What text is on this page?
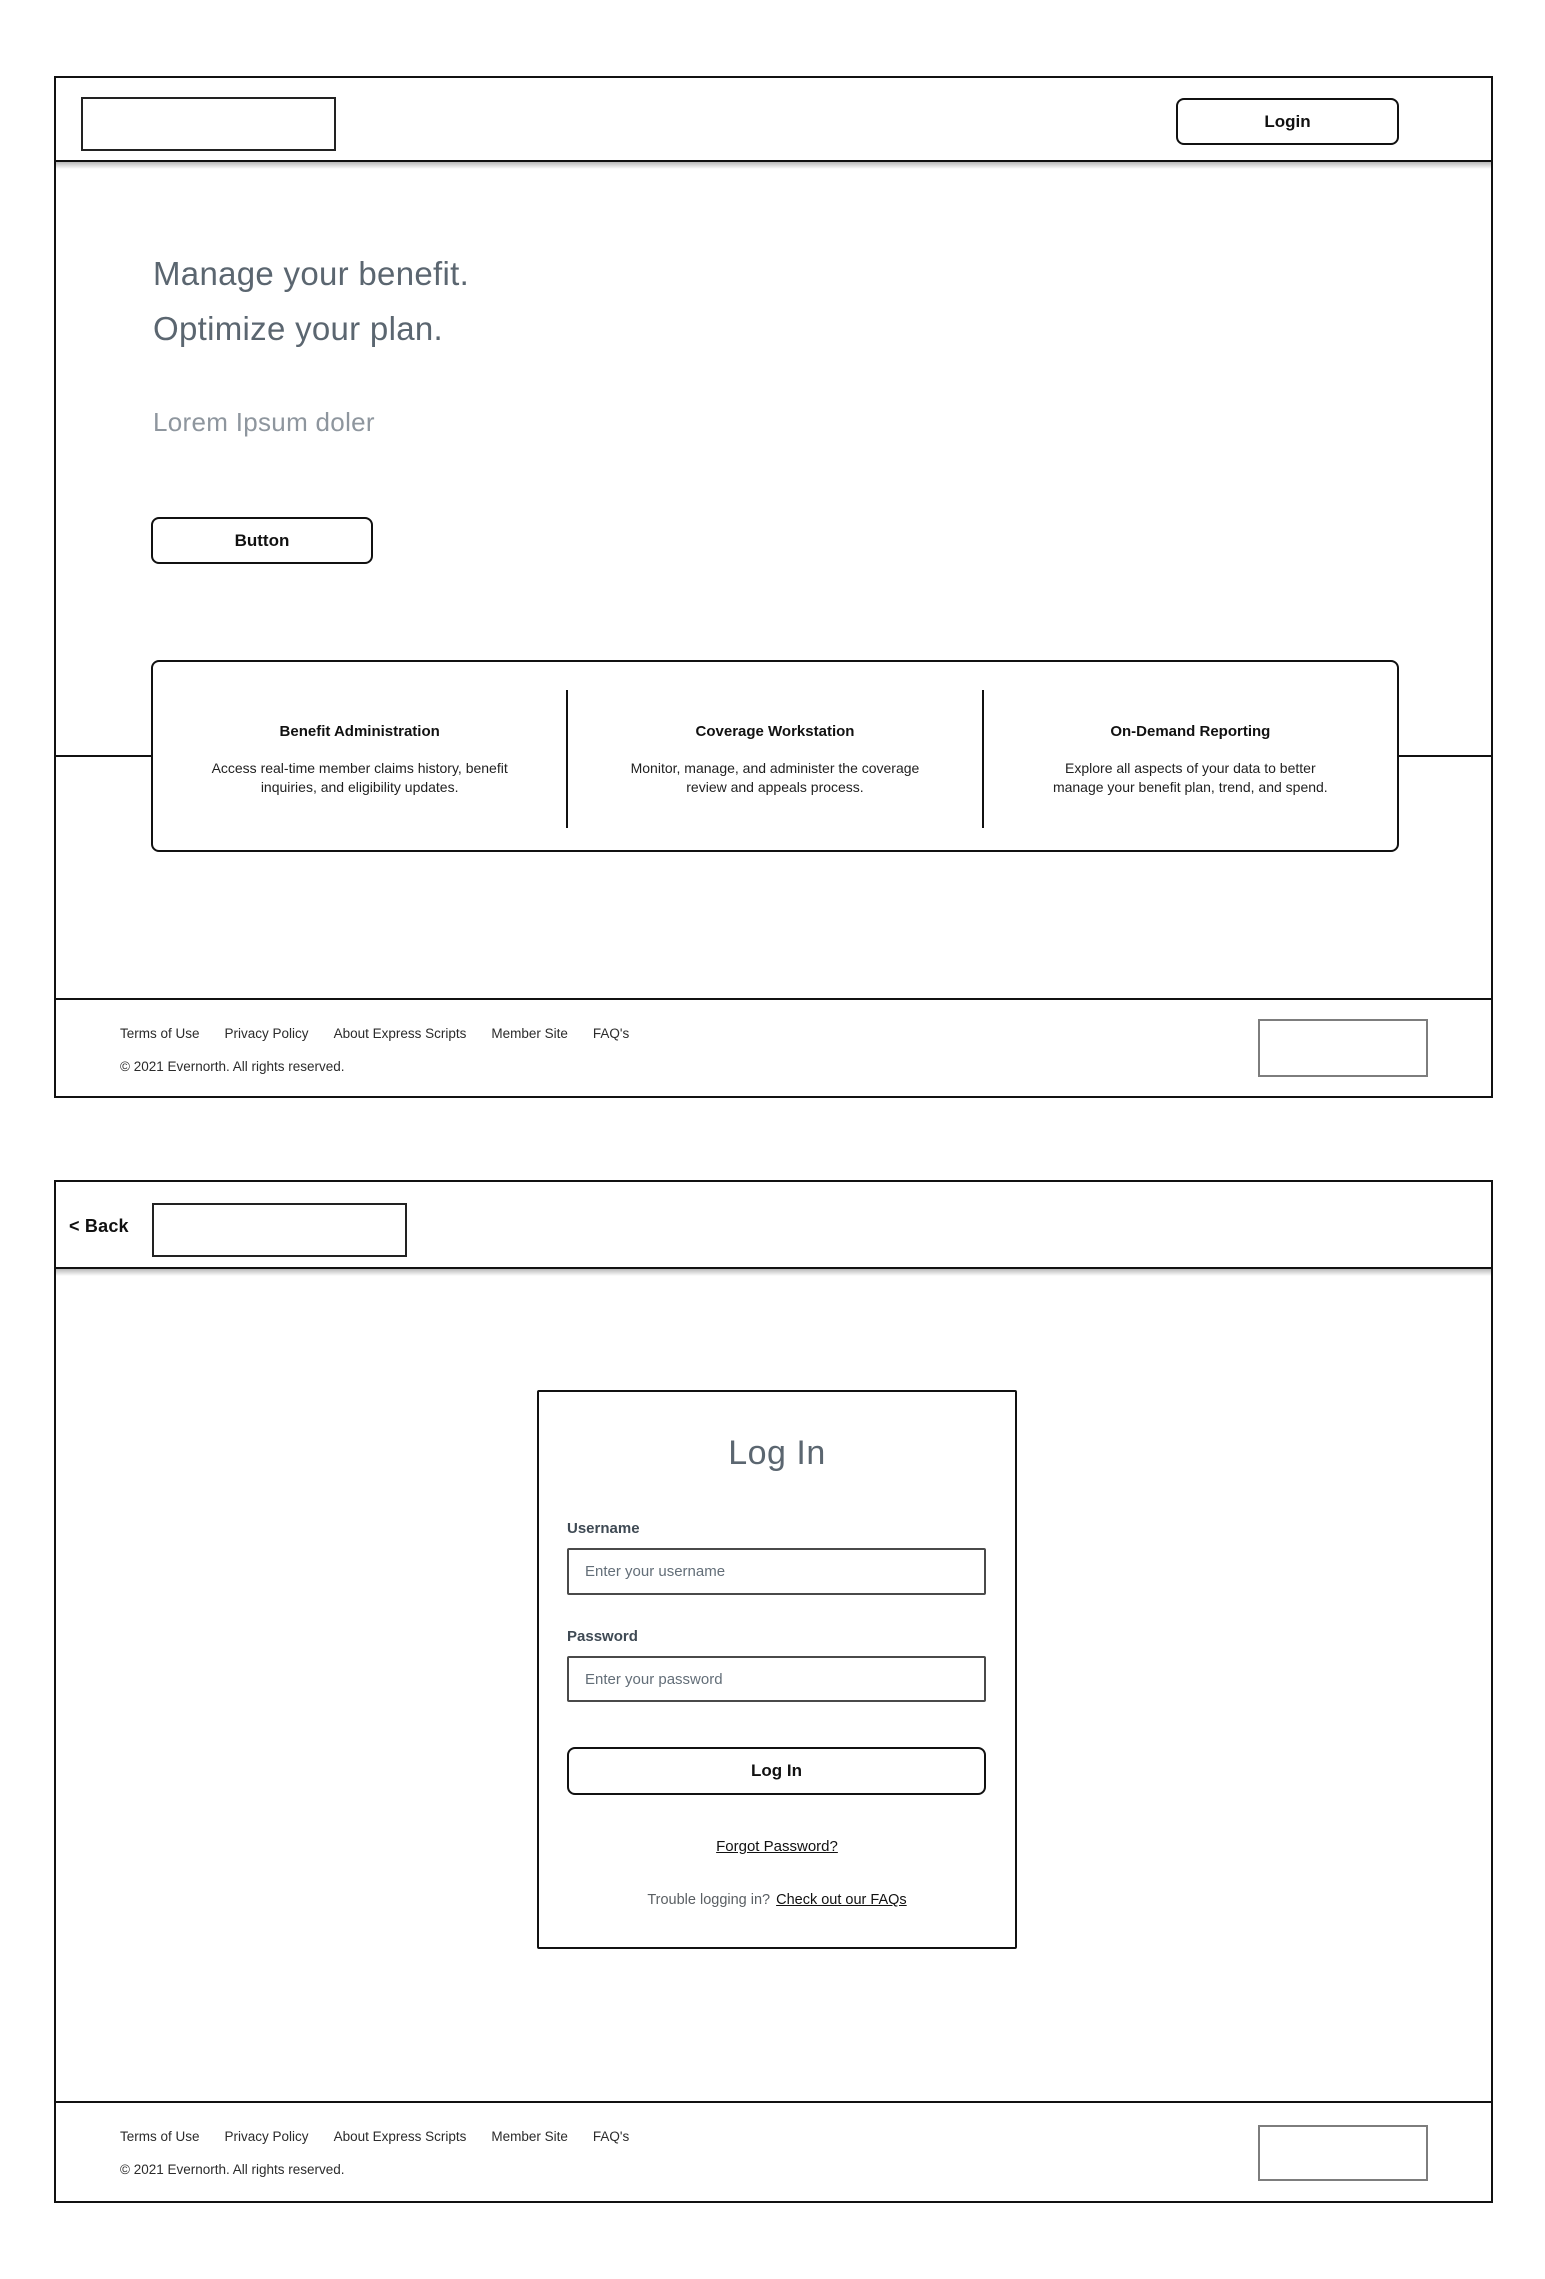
Login
Manage your benefit.
Optimize your plan.

Lorem Ipsum doler

Button
Benefit Administration

Access real-time member claims history, benefit inquiries, and eligibility updates.

Coverage Workstation

Monitor, manage, and administer the coverage review and appeals process.

On-Demand Reporting

Explore all aspects of your data to better manage your benefit plan, trend, and spend.

Terms of Use Privacy Policy About Express Scripts Member Site FAQ's
© 2021 Evernorth. All rights reserved.
< Back
Log In
Username
Enter your username
Password
Log In
Forgot Password?
Trouble logging in? Check out our FAQs
Terms of Use Privacy Policy About Express Scripts Member Site FAQ's
© 2021 Evernorth. All rights reserved.
